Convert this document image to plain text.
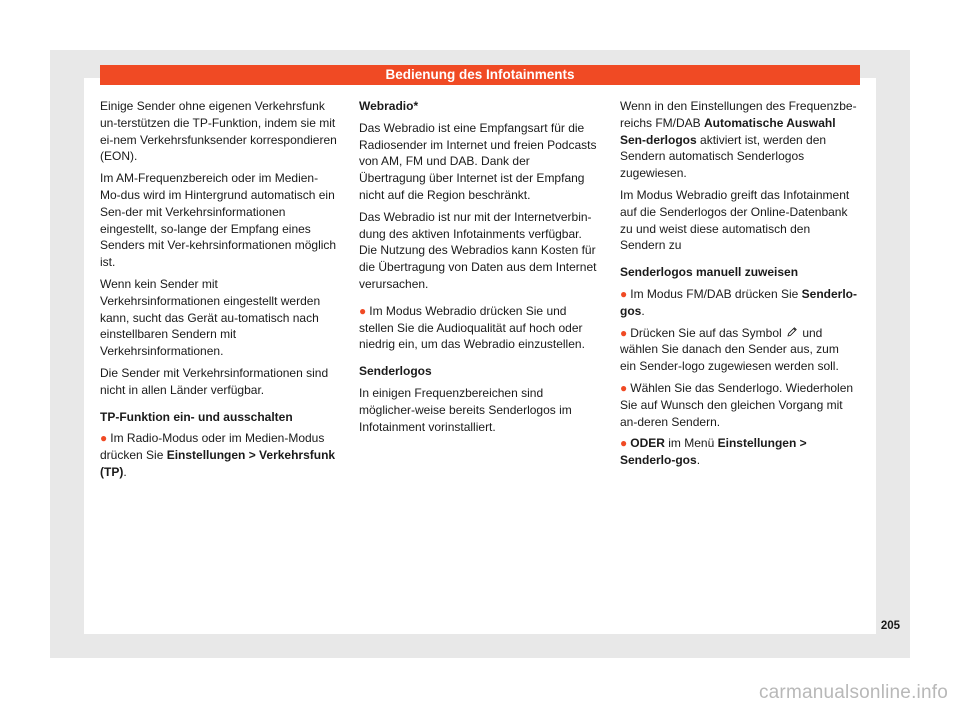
Bedienung des Infotainments

Einige Sender ohne eigenen Verkehrsfunk un-terstützen die TP-Funktion, indem sie mit ei-nem Verkehrsfunksender korrespondieren (EON).

Im AM-Frequenzbereich oder im Medien-Mo-dus wird im Hintergrund automatisch ein Sen-der mit Verkehrsinformationen eingestellt, so-lange der Empfang eines Senders mit Ver-kehrsinformationen möglich ist.

Wenn kein Sender mit Verkehrsinformationen eingestellt werden kann, sucht das Gerät au-tomatisch nach einstellbaren Sendern mit Verkehrsinformationen.

Die Sender mit Verkehrsinformationen sind nicht in allen Länder verfügbar.

TP-Funktion ein- und ausschalten

● Im Radio-Modus oder im Medien-Modus drücken Sie Einstellungen > Verkehrsfunk (TP).

Webradio*

Das Webradio ist eine Empfangsart für die Radiosender im Internet und freien Podcasts von AM, FM und DAB. Dank der Übertragung über Internet ist der Empfang nicht auf die Region beschränkt.

Das Webradio ist nur mit der Internetverbin-dung des aktiven Infotainments verfügbar. Die Nutzung des Webradios kann Kosten für die Übertragung von Daten aus dem Internet verursachen.

● Im Modus Webradio drücken Sie und stellen Sie die Audioqualität auf hoch oder niedrig ein, um das Webradio einzustellen.

Senderlogos

In einigen Frequenzbereichen sind möglicher-weise bereits Senderlogos im Infotainment vorinstalliert.

Wenn in den Einstellungen des Frequenzbe-reichs FM/DAB Automatische Auswahl Sen-derlogos aktiviert ist, werden den Sendern automatisch Senderlogos zugewiesen.

Im Modus Webradio greift das Infotainment auf die Senderlogos der Online-Datenbank zu und weist diese automatisch den Sendern zu

Senderlogos manuell zuweisen

● Im Modus FM/DAB drücken Sie Senderlo-gos.

● Drücken Sie auf das Symbol  und wählen Sie danach den Sender aus, zum ein Sender-logo zugewiesen werden soll.

● Wählen Sie das Senderlogo. Wiederholen Sie auf Wunsch den gleichen Vorgang mit an-deren Sendern.

● ODER im Menü Einstellungen > Senderlo-gos.

205
carmanualsonline.info
